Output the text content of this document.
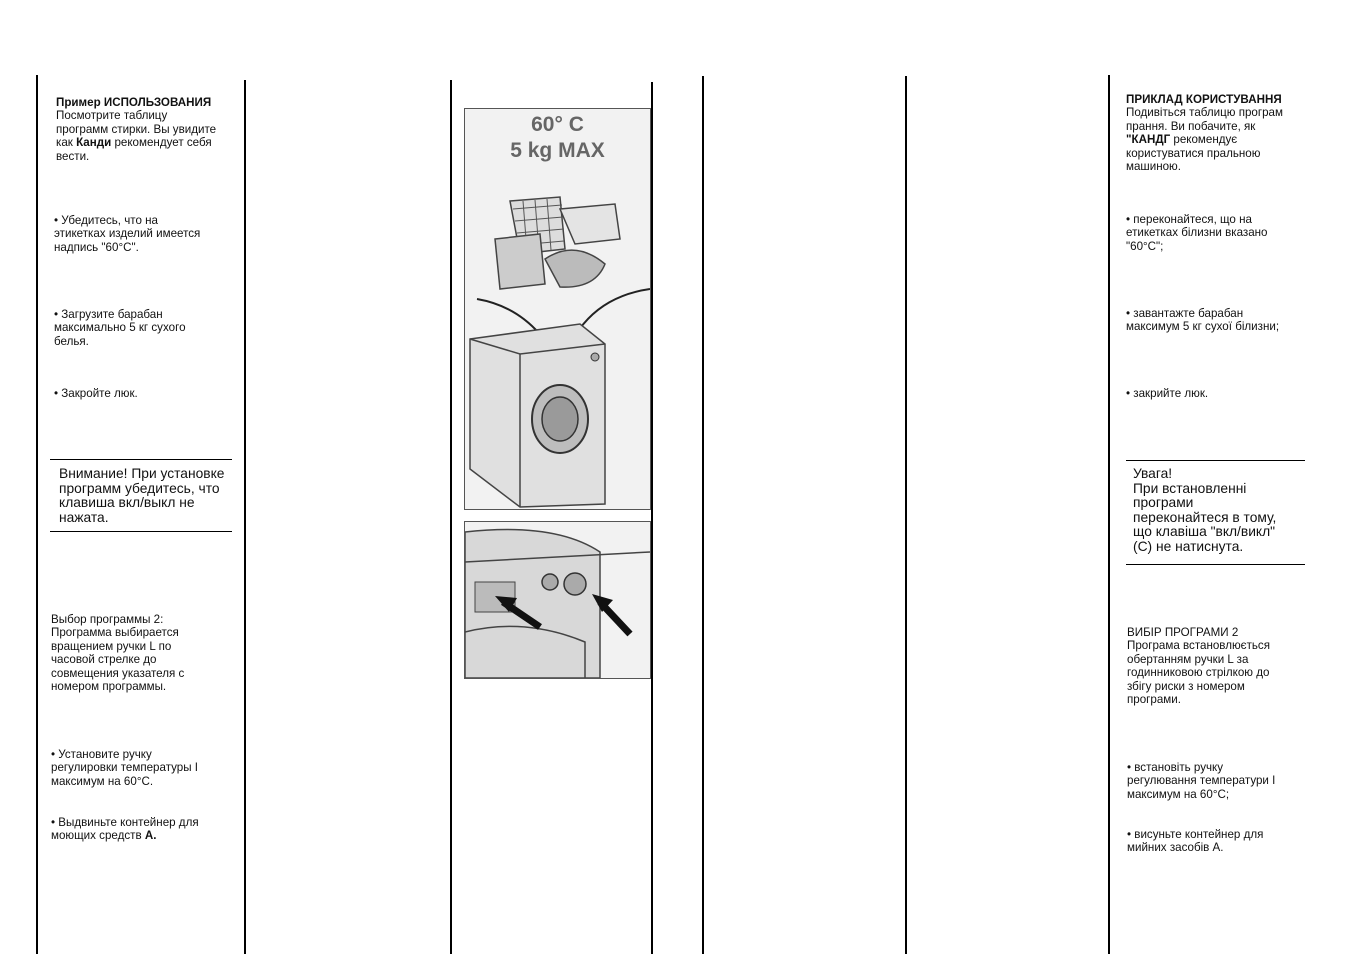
Пример ИСПОЛЬЗОВАНИЯ
Посмотрите таблицу
программ стирки. Вы увидите
как Канди рекомендует себя
вести.
• Убедитесь, что на
этикетках изделий имеется
надпись "60°C".
• Загрузите барабан
максимально 5 кг сухого
белья.
• Закройте люк.
Внимание! При установке
программ убедитесь, что
клавиша вкл/выкл не
нажата.
Выбор программы 2:
Программа выбирается
вращением ручки L по
часовой стрелке до
совмещения указателя с
номером программы.
• Установите ручку
регулировки температуры I
максимум на 60°C.
• Выдвиньте контейнер для
моющих средств A.
60° C
5 kg MAX
ПРИКЛАД КОРИСТУВАННЯ
Подивіться таблицю програм
прання. Ви побачите, як
"КАНДГ рекомендує
користуватися пральною
машиною.
• переконайтеся, що на
етикетках білизни вказано
"60°C";
• завантажте барабан
максимум 5 кг сухої білизни;
• закрийте люк.
Увага!
При встановленні
програми
переконайтеся в тому,
що клавіша "вкл/викл"
(С) не натиснута.
ВИБІР ПРОГРАМИ 2
Програма встановлюється
обертанням ручки L за
годинниковою стрілкою до
збігу риски з номером
програми.
• встановіть ручку
регулювання температури I
максимум на 60°C;
• висуньте контейнер для
мийних засобів А.
